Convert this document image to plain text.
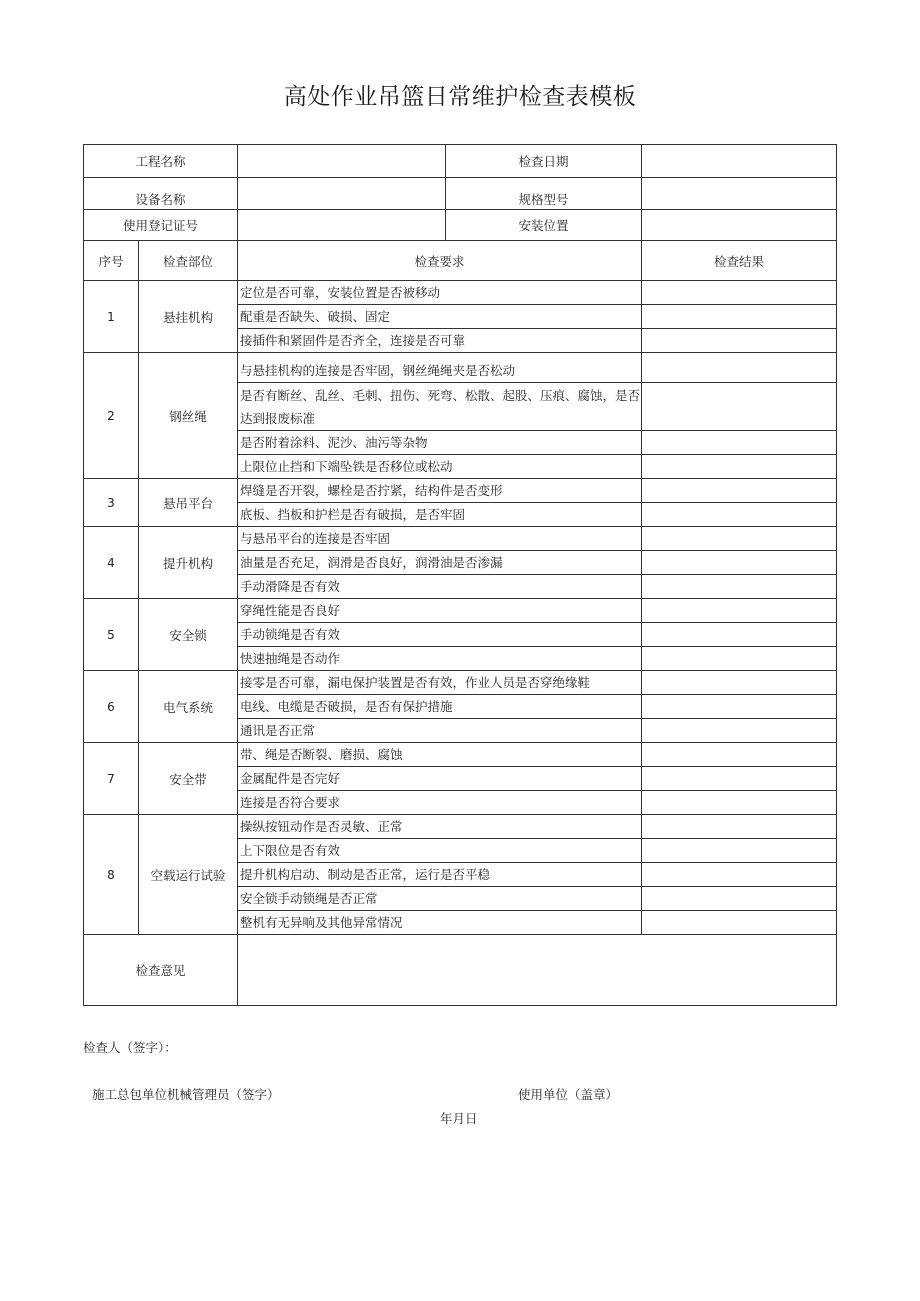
高处作业吊篮日常维护检查表模板
工程名称			检查日期	
设备名称			规格型号	
使用登记证号			安装位置	
序号	检查部位	检查要求		检查结果
1	悬挂机构	定位是否可靠，安装位置是否被移动		
		配重是否缺失、破损、固定		
		接插件和紧固件是否齐全，连接是否可靠		
2	钢丝绳	与悬挂机构的连接是否牢固，钢丝绳绳夹是否松动		
		是否有断丝、乱丝、毛刺、扭伤、死弯、松散、起股、压痕、腐蚀，是否达到报废标准		
		是否附着涂料、泥沙、油污等杂物		
		上限位止挡和下端坠铁是否移位或松动		
3	悬吊平台	焊缝是否开裂，螺栓是否拧紧，结构件是否变形		
		底板、挡板和护栏是否有破损，是否牢固		
4	提升机构	与悬吊平台的连接是否牢固		
		油量是否充足，润滑是否良好，润滑油是否渗漏		
		手动滑降是否有效		
5	安全锁	穿绳性能是否良好		
		手动锁绳是否有效		
		快速抽绳是否动作		
6	电气系统	接零是否可靠，漏电保护装置是否有效，作业人员是否穿绝缘鞋		
		电线、电缆是否破损，是否有保护措施		
		通讯是否正常		
7	安全带	带、绳是否断裂、磨损、腐蚀		
		金属配件是否完好		
		连接是否符合要求		
8	空载运行试验	操纵按钮动作是否灵敏、正常		
		上下限位是否有效		
		提升机构启动、制动是否正常，运行是否平稳		
		安全锁手动锁绳是否正常		
		整机有无异响及其他异常情况		
检查意见				
检查人（签字）：
施工总包单位机械管理员（签字）	使用单位（盖章）
年月日
